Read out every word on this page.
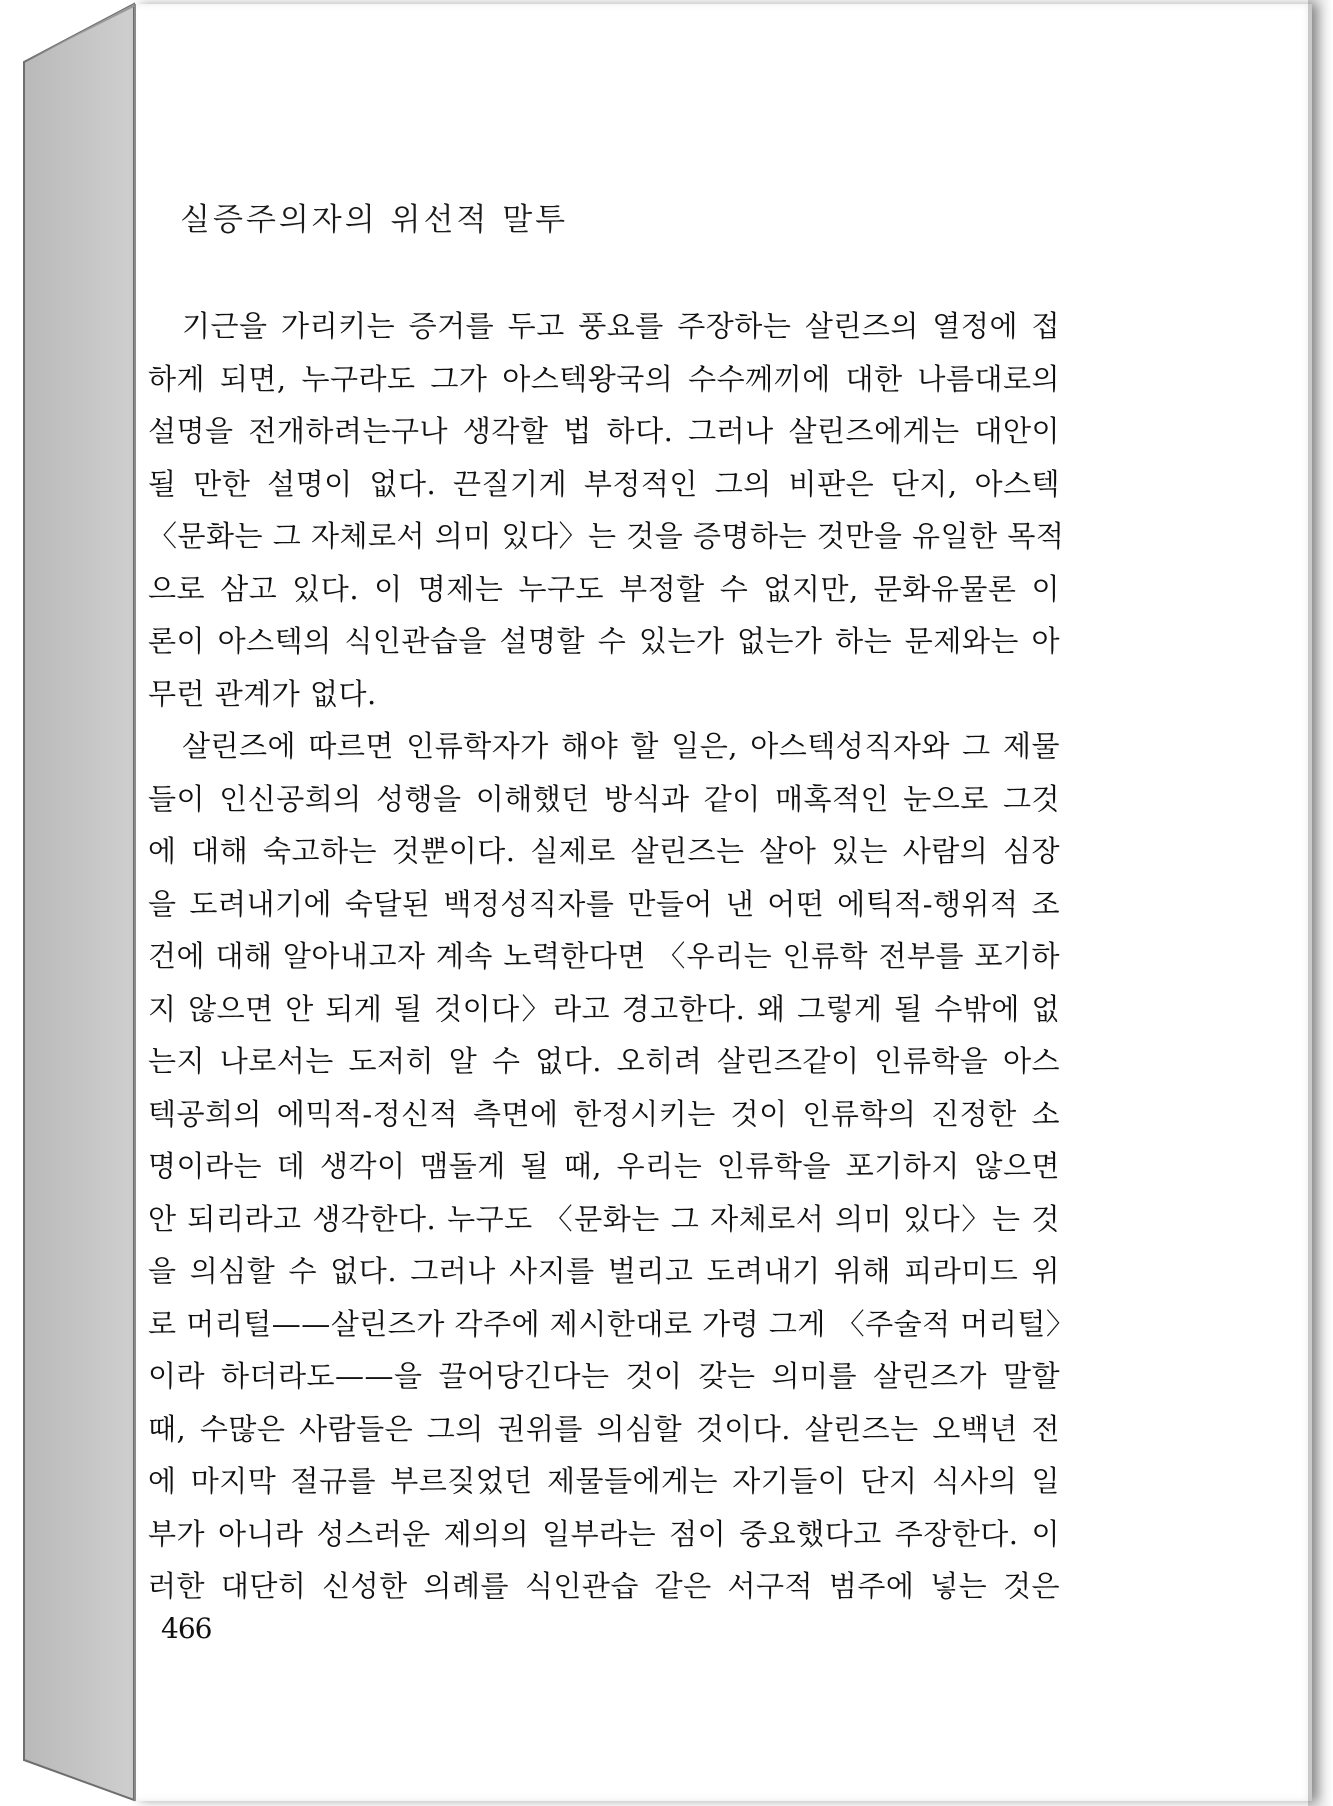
실증주의자의 위선적 말투
기근을 가리키는 증거를 두고 풍요를 주장하는 살린즈의 열정에 접
하게 되면, 누구라도 그가 아스텍왕국의 수수께끼에 대한 나름대로의
설명을 전개하려는구나 생각할 법 하다. 그러나 살린즈에게는 대안이
될 만한 설명이 없다. 끈질기게 부정적인 그의 비판은 단지, 아스텍
〈문화는 그 자체로서 의미 있다〉는 것을 증명하는 것만을 유일한 목적
으로 삼고 있다. 이 명제는 누구도 부정할 수 없지만, 문화유물론 이
론이 아스텍의 식인관습을 설명할 수 있는가 없는가 하는 문제와는 아
무런 관계가 없다.
살린즈에 따르면 인류학자가 해야 할 일은, 아스텍성직자와 그 제물
들이 인신공희의 성행을 이해했던 방식과 같이 매혹적인 눈으로 그것
에 대해 숙고하는 것뿐이다. 실제로 살린즈는 살아 있는 사람의 심장
을 도려내기에 숙달된 백정성직자를 만들어 낸 어떤 에틱적-행위적 조
건에 대해 알아내고자 계속 노력한다면 〈우리는 인류학 전부를 포기하
지 않으면 안 되게 될 것이다〉라고 경고한다. 왜 그렇게 될 수밖에 없
는지 나로서는 도저히 알 수 없다. 오히려 살린즈같이 인류학을 아스
텍공희의 에믹적-정신적 측면에 한정시키는 것이 인류학의 진정한 소
명이라는 데 생각이 맴돌게 될 때, 우리는 인류학을 포기하지 않으면
안 되리라고 생각한다. 누구도 〈문화는 그 자체로서 의미 있다〉는 것
을 의심할 수 없다. 그러나 사지를 벌리고 도려내기 위해 피라미드 위
로 머리털——살린즈가 각주에 제시한대로 가령 그게 〈주술적 머리털〉
이라 하더라도——을 끌어당긴다는 것이 갖는 의미를 살린즈가 말할
때, 수많은 사람들은 그의 권위를 의심할 것이다. 살린즈는 오백년 전
에 마지막 절규를 부르짖었던 제물들에게는 자기들이 단지 식사의 일
부가 아니라 성스러운 제의의 일부라는 점이 중요했다고 주장한다. 이
러한 대단히 신성한 의례를 식인관습 같은 서구적 범주에 넣는 것은
466
